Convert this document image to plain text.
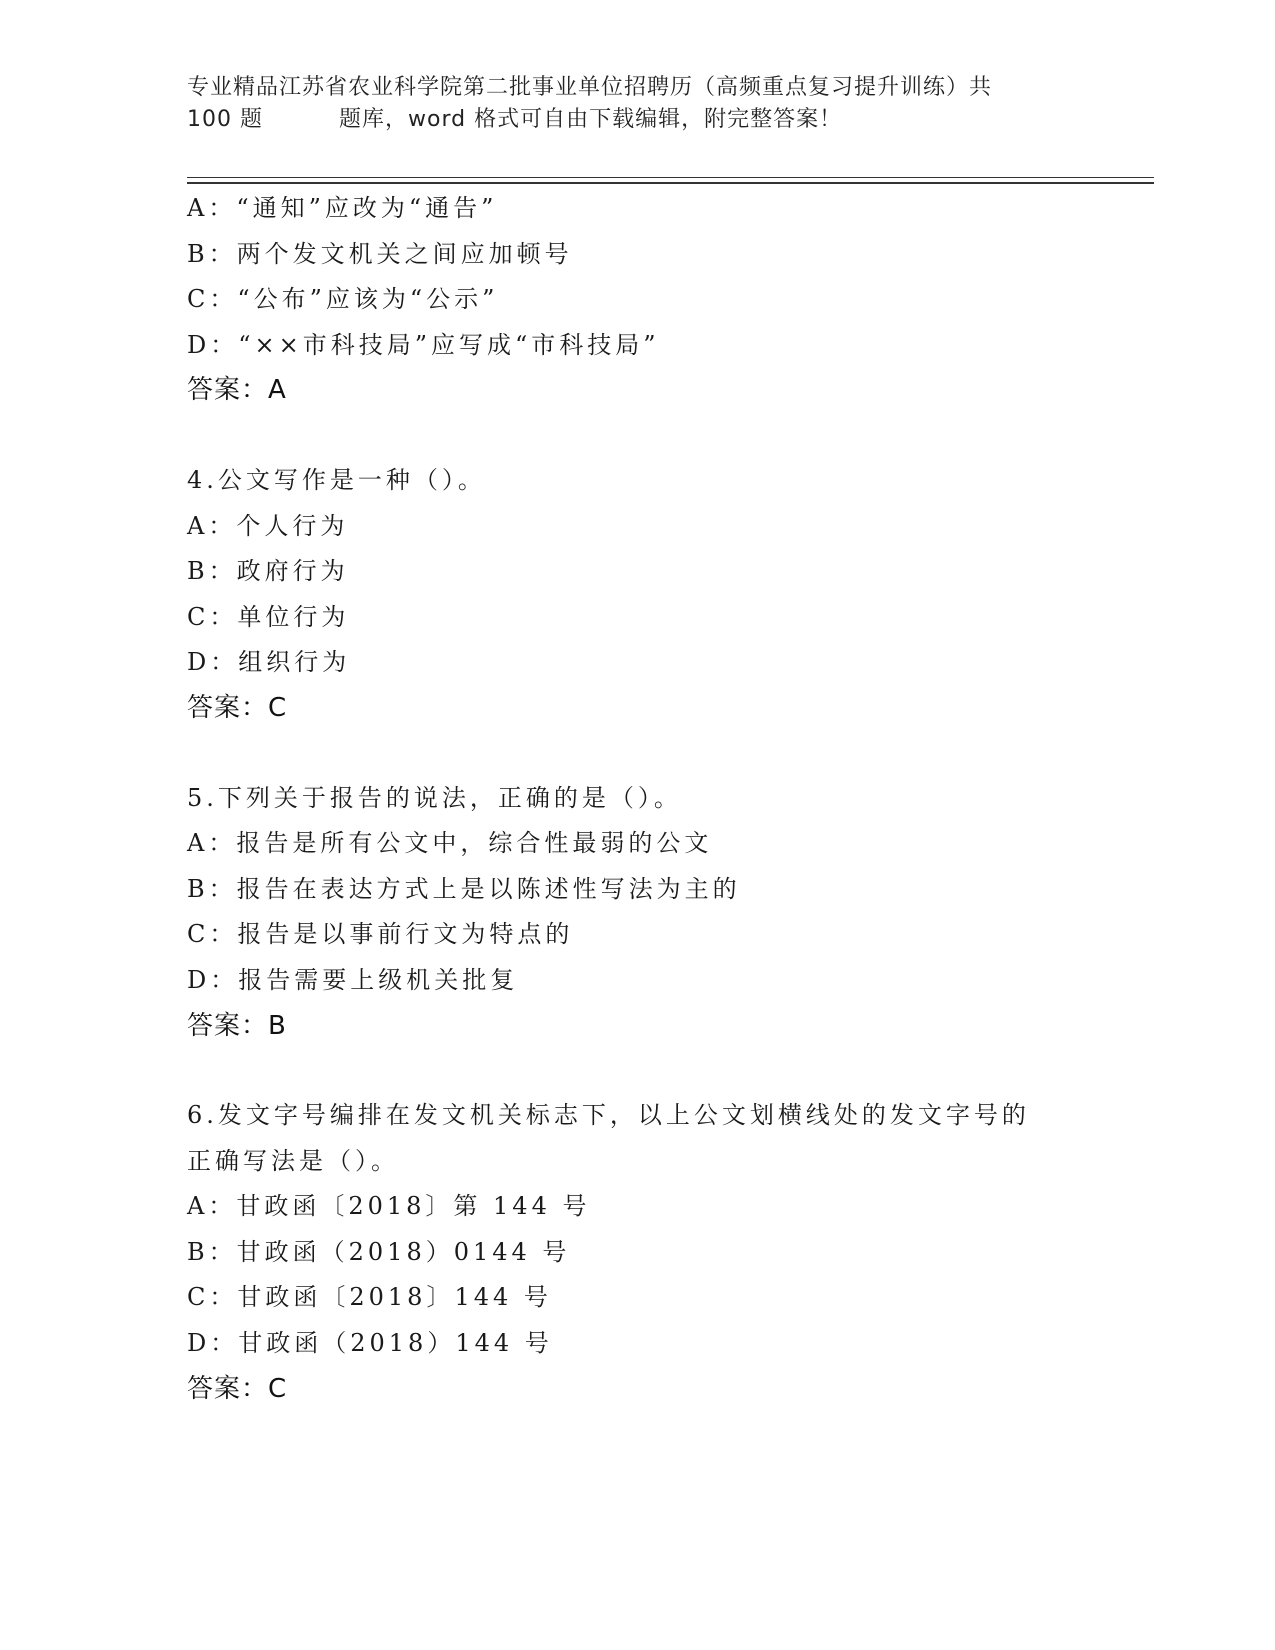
专业精品江苏省农业科学院第二批事业单位招聘历（高频重点复习提升训练）共
100 题	题库，word 格式可自由下载编辑，附完整答案！
A：“通知”应改为“通告”
B：两个发文机关之间应加顿号
C：“公布”应该为“公示”
D：“××市科技局”应写成“市科技局”
答案：A
4.公文写作是一种（）。
A：个人行为
B：政府行为
C：单位行为
D：组织行为
答案：C
5.下列关于报告的说法，正确的是（）。
A：报告是所有公文中，综合性最弱的公文
B：报告在表达方式上是以陈述性写法为主的
C：报告是以事前行文为特点的
D：报告需要上级机关批复
答案：B
6.发文字号编排在发文机关标志下，以上公文划横线处的发文字号的
正确写法是（）。
A：甘政函〔2018〕第 144 号
B：甘政函（2018）0144 号
C：甘政函〔2018〕144 号
D：甘政函（2018）144 号
答案：C
